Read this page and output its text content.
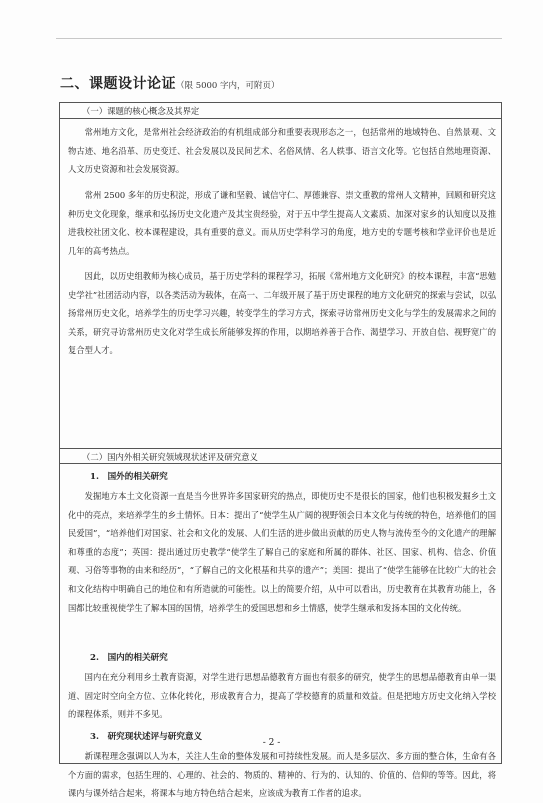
二、课题设计论证（限 5000 字内，可附页）
（一）课题的核心概念及其界定

常州地方文化，是常州社会经济政治的有机组成部分和重要表现形态之一，包括常州的地域特色、自然景观、文物古迹、地名沿革、历史变迁、社会发展以及民间艺术、名俗风情、名人轶事、语言文化等。它包括自然地理资源、人文历史资源和社会发展资源。

常州 2500 多年的历史积淀，形成了谦和坚毅、诚信守仁、厚德兼容、崇文重教的常州人文精神，回顾和研究这种历史文化现象，继承和弘扬历史文化遗产及其宝贵经验，对于五中学生提高人文素质、加深对家乡的认知度以及推进我校社团文化、校本课程建设，具有重要的意义。而从历史学科学习的角度，地方史的专题考核和学业评价也是近几年的高考热点。

因此，以历史组教师为核心成员，基于历史学科的课程学习，拓展《常州地方文化研究》的校本课程，丰富“思勉史学社”社团活动内容，以各类活动为载体，在高一、二年级开展了基于历史课程的地方文化研究的探索与尝试，以弘扬常州历史文化，培养学生的历史学习兴趣，转变学生的学习方式，探索寻访常州历史文化与学生的发展需求之间的关系，研究寻访常州历史文化对学生成长所能够发挥的作用，以期培养善于合作、渴望学习、开放自信、视野宽广的复合型人才。

（二）国内外相关研究领域现状述评及研究意义
1.　国外的相关研究

发掘地方本土文化资源一直是当今世界许多国家研究的热点，即使历史不是很长的国家，他们也积极发掘乡土文化中的亮点，来培养学生的乡土情怀。日本：提出了“使学生从广阔的视野领会日本文化与传统的特色，培养他们的国民爱国”，“培养他们对国家、社会和文化的发展、人们生活的进步做出贡献的历史人物与流传至今的文化遗产的理解和尊重的态度”；英国：提出通过历史教学“使学生了解自己的家庭和所属的群体、社区、国家、机构、信念、价值观、习俗等事物的由来和经历”，“了解自己的文化根基和共享的遗产”；美国：提出了“使学生能够在比较广大的社会和文化结构中明确自己的地位和有所造就的可能性。以上的简要介绍，从中可以看出，历史教育在其教育功能上，各国都比较重视使学生了解本国的国情，培养学生的爱国思想和乡土情感，使学生继承和发扬本国的文化传统。

2.　国内的相关研究

国内在充分利用乡土教育资源，对学生进行思想品德教育方面也有很多的研究，使学生的思想品德教育由单一渠道、固定时空向全方位、立体化转化，形成教育合力，提高了学校德育的质量和效益。但是把地方历史文化纳入学校的课程体系，则并不多见。

3.　研究现状述评与研究意义

新课程理念强调以人为本，关注人生命的整体发展和可持续性发展。而人是多层次、多方面的整合体，生命有各个方面的需求，包括生理的、心理的、社会的、物质的、精神的、行为的、认知的、价值的、信仰的等等。因此，将课内与课外结合起来，将课本与地方特色结合起来，应该成为教育工作者的追求。

- 2 -
